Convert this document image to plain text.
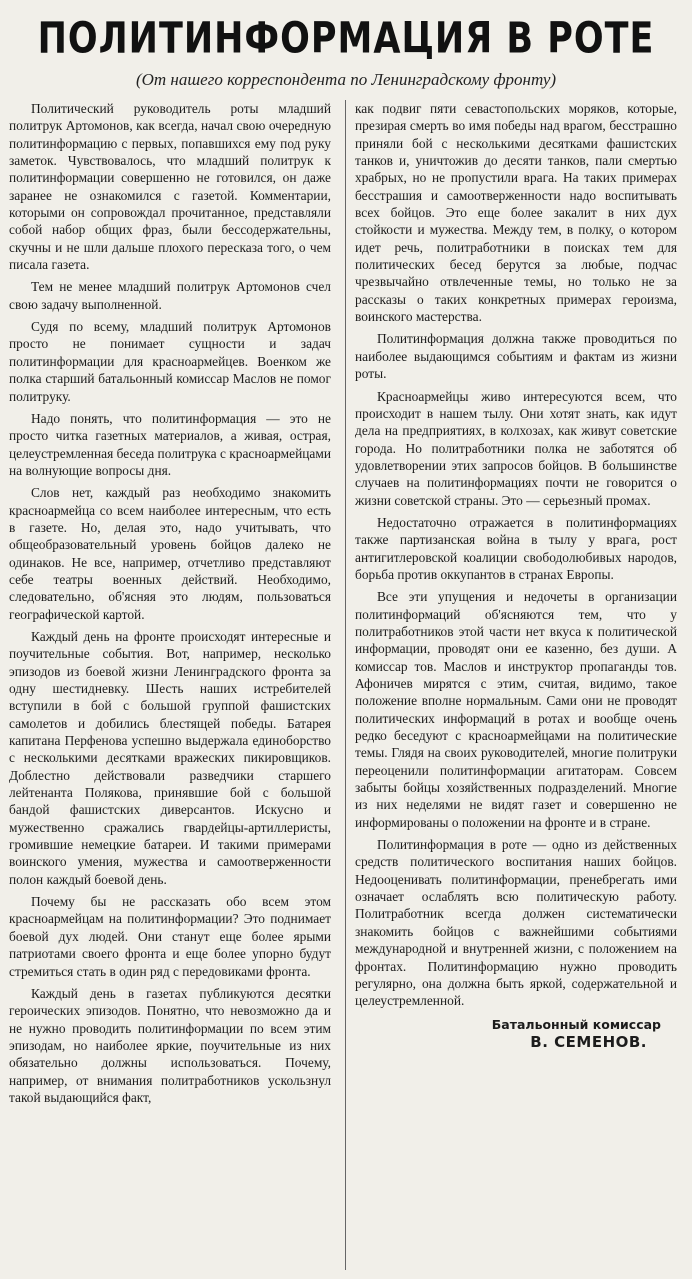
ПОЛИТИНФОРМАЦИЯ В РОТЕ
(От нашего корреспондента по Ленинградскому фронту)

Политический руководитель роты младший политрук Артомонов, как всегда, начал свою очередную политинформацию с первых, попавшихся ему под руку заметок. Чувствовалось, что младший политрук к политинформации совершенно не готовился, он даже заранее не ознакомился с газетой. Комментарии, которыми он сопровождал прочитанное, представляли собой набор общих фраз, были бессодержательны, скучны и не шли дальше плохого пересказа того, о чем писала газета.

Тем не менее младший политрук Артомонов счел свою задачу выполненной.

Судя по всему, младший политрук Артомонов просто не понимает сущности и задач политинформации для красноармейцев. Военком же полка старший батальонный комиссар Маслов не помог политруку.

Надо понять, что политинформация — это не просто читка газетных материалов, а живая, острая, целеустремленная беседа политрука с красноармейцами на волнующие вопросы дня.

Слов нет, каждый раз необходимо знакомить красноармейца со всем наиболее интересным, что есть в газете. Но, делая это, надо учитывать, что общеобразовательный уровень бойцов далеко не одинаков. Не все, например, отчетливо представляют себе театры военных действий. Необходимо, следовательно, об'ясняя это людям, пользоваться географической картой.

Каждый день на фронте происходят интересные и поучительные события. Вот, например, несколько эпизодов из боевой жизни Ленинградского фронта за одну шестидневку. Шесть наших истребителей вступили в бой с большой группой фашистских самолетов и добились блестящей победы. Батарея капитана Перфенова успешно выдержала единоборство с несколькими десятками вражеских пикировщиков. Доблестно действовали разведчики старшего лейтенанта Полякова, принявшие бой с большой бандой фашистских диверсантов. Искусно и мужественно сражались гвардейцы-артиллеристы, громившие немецкие батареи. И такими примерами воинского умения, мужества и самоотверженности полон каждый боевой день.

Почему бы не рассказать обо всем этом красноармейцам на политинформации? Это поднимает боевой дух людей. Они станут еще более ярыми патриотами своего фронта и еще более упорно будут стремиться стать в один ряд с передовиками фронта.

Каждый день в газетах публикуются десятки героических эпизодов. Понятно, что невозможно да и не нужно проводить политинформации по всем этим эпизодам, но наиболее яркие, поучительные из них обязательно должны использоваться. Почему, например, от внимания политработников ускользнул такой выдающийся факт,

как подвиг пяти севастопольских моряков, которые, презирая смерть во имя победы над врагом, бесстрашно приняли бой с несколькими десятками фашистских танков и, уничтожив до десяти танков, пали смертью храбрых, но не пропустили врага. На таких примерах бесстрашия и самоотверженности надо воспитывать всех бойцов. Это еще более закалит в них дух стойкости и мужества. Между тем, в полку, о котором идет речь, политработники в поисках тем для политических бесед берутся за любые, подчас чрезвычайно отвлеченные темы, но только не за рассказы о таких конкретных примерах героизма, воинского мастерства.

Политинформация должна также проводиться по наиболее выдающимся событиям и фактам из жизни роты.

Красноармейцы живо интересуются всем, что происходит в нашем тылу. Они хотят знать, как идут дела на предприятиях, в колхозах, как живут советские города. Но политработники полка не заботятся об удовлетворении этих запросов бойцов. В большинстве случаев на политинформациях почти не говорится о жизни советской страны. Это — серьезный промах.

Недостаточно отражается в политинформациях также партизанская война в тылу у врага, рост антигитлеровской коалиции свободолюбивых народов, борьба против оккупантов в странах Европы.

Все эти упущения и недочеты в организации политинформаций об'ясняются тем, что у политработников этой части нет вкуса к политической информации, проводят они ее казенно, без души. А комиссар тов. Маслов и инструктор пропаганды тов. Афоничев мирятся с этим, считая, видимо, такое положение вполне нормальным. Сами они не проводят политических информаций в ротах и вообще очень редко беседуют с красноармейцами на политические темы. Глядя на своих руководителей, многие политруки переоценили политинформации агитаторам. Совсем забыты бойцы хозяйственных подразделений. Многие из них неделями не видят газет и совершенно не информированы о положении на фронте и в стране.

Политинформация в роте — одно из действенных средств политического воспитания наших бойцов. Недооценивать политинформации, пренебрегать ими означает ослаблять всю политическую работу. Политработник всегда должен систематически знакомить бойцов с важнейшими событиями международной и внутренней жизни, с положением на фронтах. Политинформацию нужно проводить регулярно, она должна быть яркой, содержательной и целеустремленной.

Батальонный комиссар
В. СЕМЕНОВ.
